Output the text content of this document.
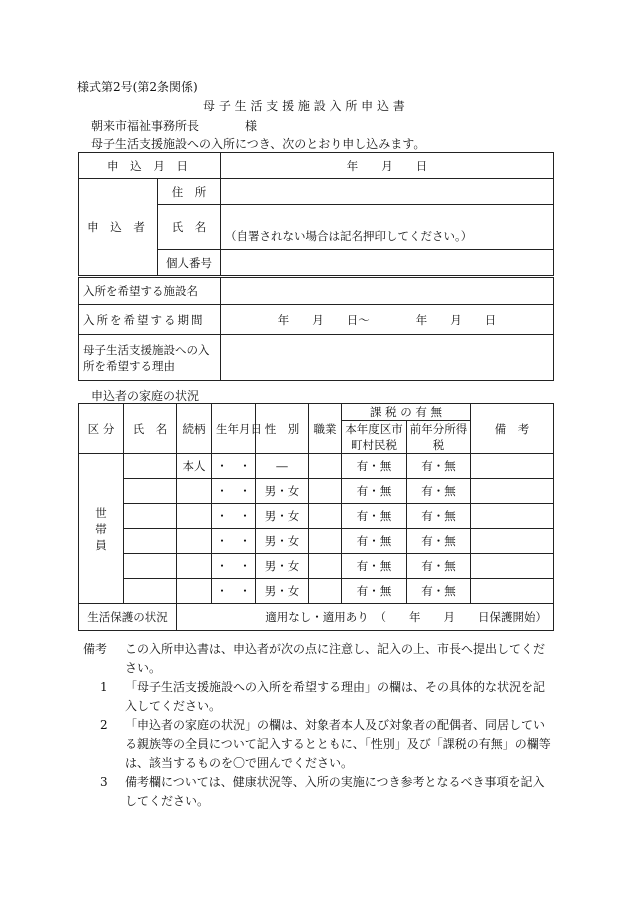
様式第2号(第2条関係)
母 子 生 活 支 援 施 設 入 所 申 込 書
朝来市福祉事務所長	様
母子生活支援施設への入所につき、次のとおり申し込みます。
申 込 月 日		年　　月　　日
申 込 者	住　所	
	氏　名	（自署されない場合は記名押印してください。）
	個人番号	
入所を希望する施設名	
入所を希望する期間	年　　月　　日～　　　　年　　月　　日
母子生活支援施設への入所を希望する理由	
申込者の家庭の状況
区 分	氏　名	続柄	生年月日	性　別	職業	課 税 の 有 無		備　考
						本年度区市町村民税	前年分所得税	
世 帯 員		本人	・　・	―		有・無	有・無	
			・　・	男・女		有・無	有・無	
			・　・	男・女		有・無	有・無	
			・　・	男・女		有・無	有・無	
			・　・	男・女		有・無	有・無	
			・　・	男・女		有・無	有・無	
生活保護の状況		適用なし・適用あり　（　　年　　月　　日保護開始）						
備考	この入所申込書は、申込者が次の点に注意し、記入の上、市長へ提出してください。
1	「母子生活支援施設への入所を希望する理由」の欄は、その具体的な状況を記入してください。
2	「申込者の家庭の状況」の欄は、対象者本人及び対象者の配偶者、同居している親族等の全員について記入するとともに、「性別」及び「課税の有無」の欄等は、該当するものを〇で囲んでください。
3	備考欄については、健康状況等、入所の実施につき参考となるべき事項を記入してください。
